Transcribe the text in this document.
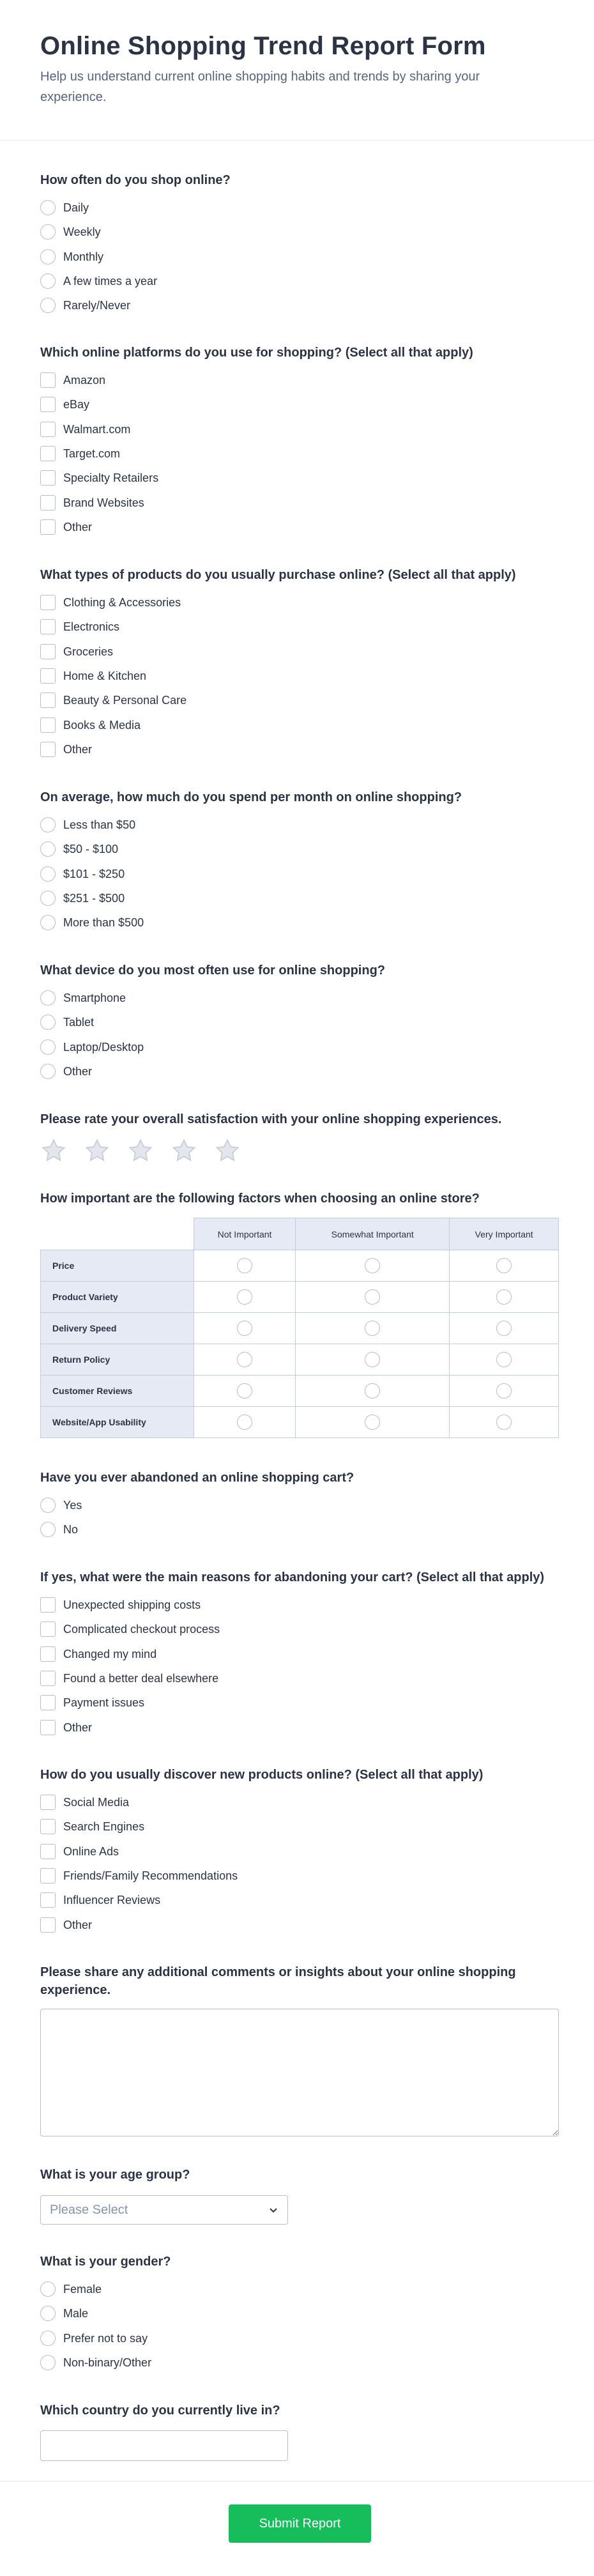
Online Shopping Trend Report Form

Help us understand current online shopping habits and trends by sharing your experience.

How often do you shop online?
Daily
Weekly
Monthly
A few times a year
Rarely/Never
Which online platforms do you use for shopping? (Select all that apply)
Amazon
eBay
Walmart.com
Target.com
Specialty Retailers
Brand Websites
Other
What types of products do you usually purchase online? (Select all that apply)
Clothing & Accessories
Electronics
Groceries
Home & Kitchen
Beauty & Personal Care
Books & Media
Other
On average, how much do you spend per month on online shopping?
Less than $50
$50 - $100
$101 - $250
$251 - $500
More than $500
What device do you most often use for online shopping?
Smartphone
Tablet
Laptop/Desktop
Other
Please rate your overall satisfaction with your online shopping experiences.
How important are the following factors when choosing an online store?
	Not Important	Somewhat Important	Very Important
Price			
Product Variety			
Delivery Speed			
Return Policy			
Customer Reviews			
Website/App Usability			
Have you ever abandoned an online shopping cart?
Yes
No
If yes, what were the main reasons for abandoning your cart? (Select all that apply)
Unexpected shipping costs
Complicated checkout process
Changed my mind
Found a better deal elsewhere
Payment issues
Other
How do you usually discover new products online? (Select all that apply)
Social Media
Search Engines
Online Ads
Friends/Family Recommendations
Influencer Reviews
Other
Please share any additional comments or insights about your online shopping experience.
What is your age group?
Please Select
What is your gender?
Female
Male
Prefer not to say
Non-binary/Other
Which country do you currently live in?
Submit Report
